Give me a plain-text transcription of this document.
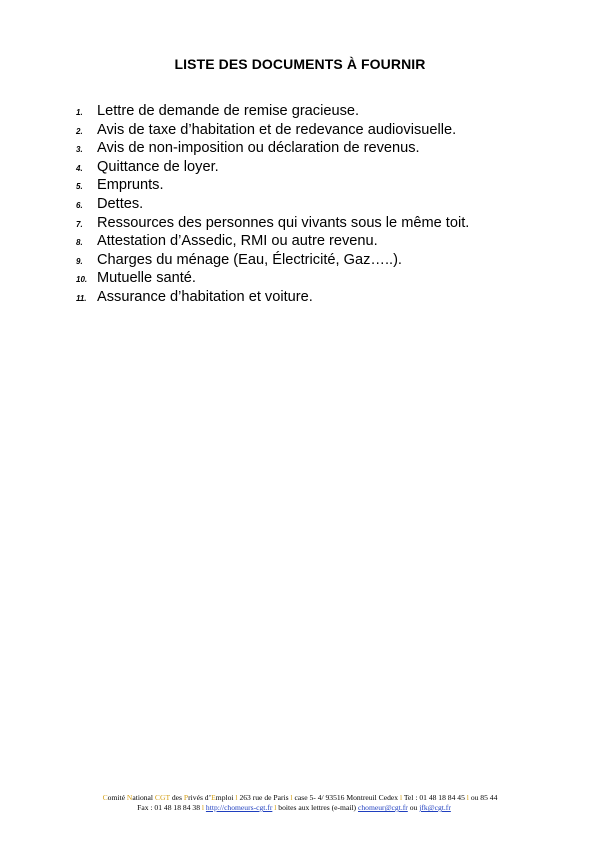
LISTE DES DOCUMENTS À FOURNIR
1. Lettre de demande de remise gracieuse.
2. Avis de taxe d’habitation et de redevance audiovisuelle.
3. Avis de non-imposition ou déclaration de revenus.
4. Quittance de loyer.
5. Emprunts.
6. Dettes.
7. Ressources des personnes qui vivants sous le même toit.
8. Attestation d’Assedic, RMI ou autre revenu.
9. Charges du ménage (Eau, Électricité, Gaz…..).
10. Mutuelle santé.
11. Assurance d’habitation et voiture.
Comité National CGT des Privés d’Emploi l 263 rue de Paris l case 5- 4/ 93516 Montreuil Cedex l Tel : 01 48 18 84 45 l ou 85 44
Fax : 01 48 18 84 38 l http://chomeurs-cgt.fr l boites aux lettres (e-mail) chomeur@cgt.fr ou jfk@cgt.fr
